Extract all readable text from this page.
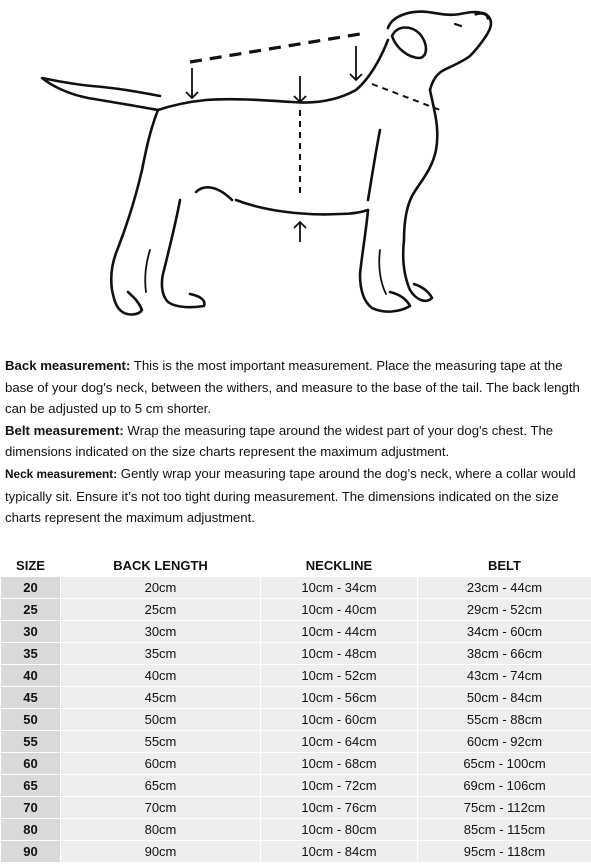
Back measurement: This is the most important measurement. Place the measuring tape at the base of your dog's neck, between the withers, and measure to the base of the tail. The back length can be adjusted up to 5 cm shorter.

Belt measurement: Wrap the measuring tape around the widest part of your dog's chest. The dimensions indicated on the size charts represent the maximum adjustment.

Neck measurement: Gently wrap your measuring tape around the dog’s neck, where a collar would typically sit. Ensure it’s not too tight during measurement. The dimensions indicated on the size charts represent the maximum adjustment.

SIZE	BACK LENGTH	NECKLINE	BELT
20	20cm	10cm - 34cm	23cm - 44cm
25	25cm	10cm - 40cm	29cm - 52cm
30	30cm	10cm - 44cm	34cm - 60cm
35	35cm	10cm - 48cm	38cm - 66cm
40	40cm	10cm - 52cm	43cm - 74cm
45	45cm	10cm - 56cm	50cm - 84cm
50	50cm	10cm - 60cm	55cm - 88cm
55	55cm	10cm - 64cm	60cm - 92cm
60	60cm	10cm - 68cm	65cm - 100cm
65	65cm	10cm - 72cm	69cm - 106cm
70	70cm	10cm - 76cm	75cm - 112cm
80	80cm	10cm - 80cm	85cm - 115cm
90	90cm	10cm - 84cm	95cm - 118cm
